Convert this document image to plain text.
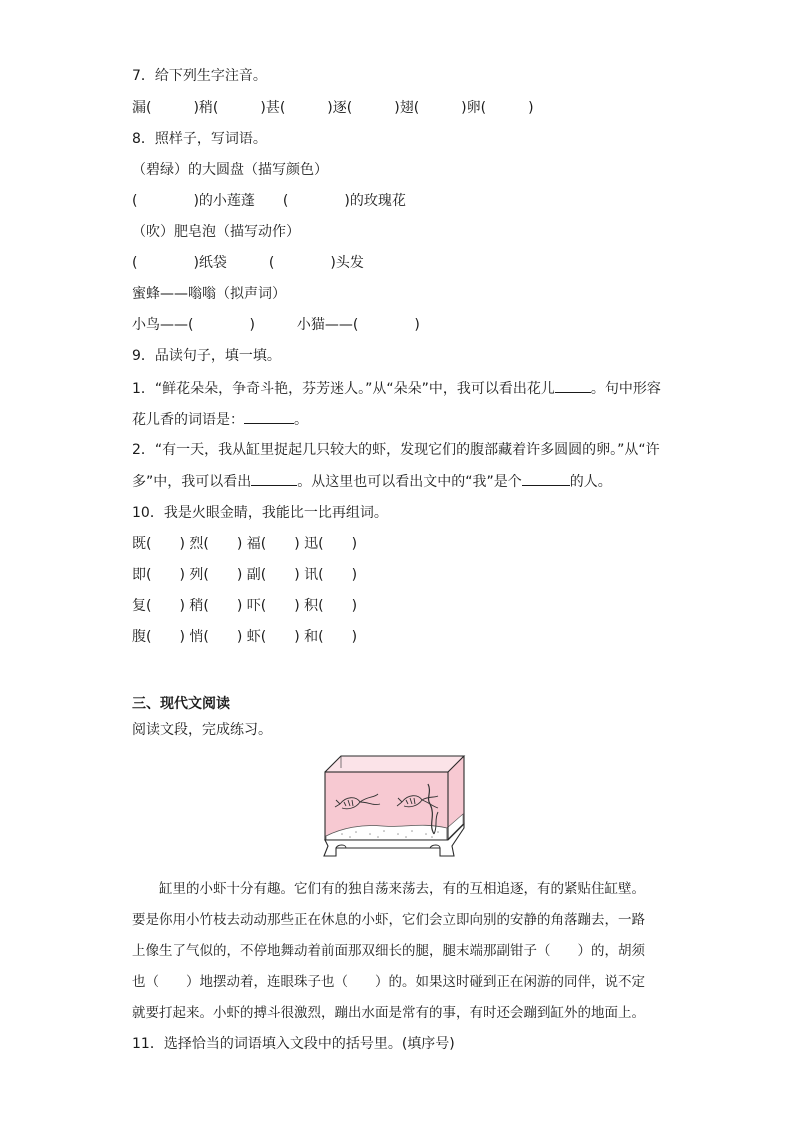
7．给下列生字注音。
漏(　　　)稍(　　　)甚(　　　)逐(　　　)翅(　　　)卵(　　　)
8．照样子，写词语。
（碧绿）的大圆盘（描写颜色）
(　　　　)的小莲蓬　　(　　　　)的玫瑰花
（吹）肥皂泡（描写动作）
(　　　　)纸袋　　　(　　　　)头发
蜜蜂——嗡嗡（拟声词）
小鸟——(　　　　)　　　小猫——(　　　　)
9．品读句子，填一填。
1．“鲜花朵朵，争奇斗艳，芬芳迷人。”从“朵朵”中，我可以看出花儿	。句中形容
花儿香的词语是：	。
2．“有一天，我从缸里捉起几只较大的虾，发现它们的腹部藏着许多圆圆的卵。”从“许
多”中，我可以看出	。从这里也可以看出文中的“我”是个	的人。
10．我是火眼金睛，我能比一比再组词。
既(　　) 烈(　　) 福(　　) 迅(　　)
即(　　) 列(　　) 副(　　) 讯(　　)
复(　　) 稍(　　) 吓(　　) 积(　　)
腹(　　) 悄(　　) 虾(　　) 和(　　)
三、现代文阅读
阅读文段，完成练习。
　　缸里的小虾十分有趣。它们有的独自荡来荡去，有的互相追逐，有的紧贴住缸壁。
要是你用小竹枝去动动那些正在休息的小虾，它们会立即向别的安静的角落蹦去，一路
上像生了气似的，不停地舞动着前面那双细长的腿，腿末端那副钳子（　　）的，胡须
也（　　）地摆动着，连眼珠子也（　　）的。如果这时碰到正在闲游的同伴，说不定
就要打起来。小虾的搏斗很激烈，蹦出水面是常有的事，有时还会蹦到缸外的地面上。
11．选择恰当的词语填入文段中的括号里。(填序号)
